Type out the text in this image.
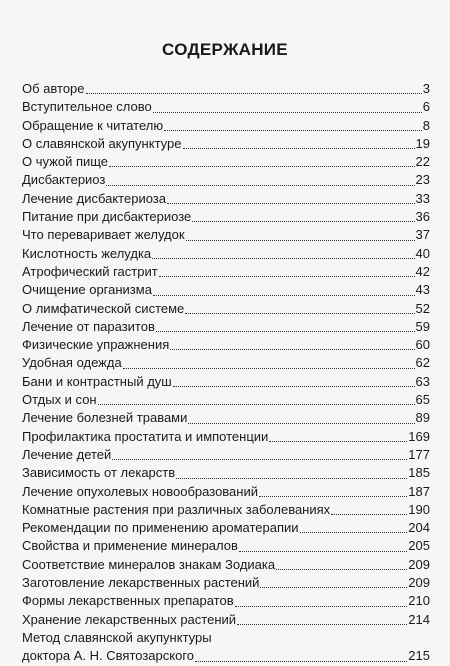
СОДЕРЖАНИЕ
Об авторе	3
Вступительное слово	6
Обращение к читателю	8
О славянской акупунктуре	19
О чужой пище	22
Дисбактериоз	23
Лечение дисбактериоза	33
Питание при дисбактериозе	36
Что переваривает желудок	37
Кислотность желудка	40
Атрофический гастрит	42
Очищение организма	43
О лимфатической системе	52
Лечение от паразитов	59
Физические упражнения	60
Удобная одежда	62
Бани и контрастный душ	63
Отдых и сон	65
Лечение болезней травами	89
Профилактика простатита и импотенции	169
Лечение детей	177
Зависимость от лекарств	185
Лечение опухолевых новообразований	187
Комнатные растения при различных заболеваниях	190
Рекомендации по применению ароматерапии	204
Свойства и применение минералов	205
Соответствие минералов знакам Зодиака	209
Заготовление лекарственных растений	209
Формы лекарственных препаратов	210
Хранение лекарственных растений	214
Метод славянской акупунктуры
доктора А. Н. Святозарского	215
